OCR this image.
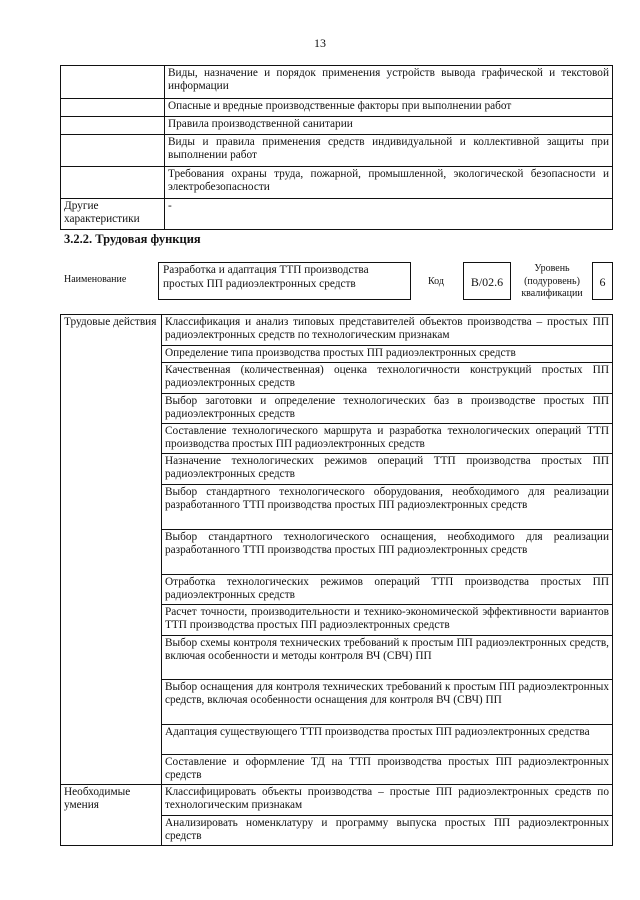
13
	Виды, назначение и порядок применения устройств вывода графической и текстовой информации
	Опасные и вредные производственные факторы при выполнении работ
	Правила производственной санитарии
	Виды и правила применения средств индивидуальной и коллективной защиты при выполнении работ
	Требования охраны труда, пожарной, промышленной, экологической безопасности и электробезопасности
Другие характеристики	-
3.2.2. Трудовая функция
Наименование
Разработка и адаптация ТТП производства простых ПП радиоэлектронных средств	Код	B/02.6
Уровень (подуровень) квалификации
6
Трудовые действия	Классификация и анализ типовых представителей объектов производства – простых ПП радиоэлектронных средств по технологическим признакам
	Определение типа производства простых ПП радиоэлектронных средств
	Качественная (количественная) оценка технологичности конструкций простых ПП радиоэлектронных средств
	Выбор заготовки и определение технологических баз в производстве простых ПП радиоэлектронных средств
	Составление технологического маршрута и разработка технологических операций ТТП производства простых ПП радиоэлектронных средств
	Назначение технологических режимов операций ТТП производства простых ПП радиоэлектронных средств
	Выбор стандартного технологического оборудования, необходимого для реализации разработанного ТТП производства простых ПП радиоэлектронных средств
	Выбор стандартного технологического оснащения, необходимого для реализации разработанного ТТП производства простых ПП радиоэлектронных средств
	Отработка технологических режимов операций ТТП производства простых ПП радиоэлектронных средств
	Расчет точности, производительности и технико-экономической эффективности вариантов ТТП производства простых ПП радиоэлектронных средств
	Выбор схемы контроля технических требований к простым ПП радиоэлектронных средств, включая особенности и методы контроля ВЧ (СВЧ) ПП
	Выбор оснащения для контроля технических требований к простым ПП радиоэлектронных средств, включая особенности оснащения для контроля ВЧ (СВЧ) ПП
	Адаптация существующего ТТП производства простых ПП радиоэлектронных средства
	Составление и оформление ТД на ТТП производства простых ПП радиоэлектронных средств
Необходимые умения	Классифицировать объекты производства – простые ПП радиоэлектронных средств по технологическим признакам
	Анализировать номенклатуру и программу выпуска простых ПП радиоэлектронных средств
